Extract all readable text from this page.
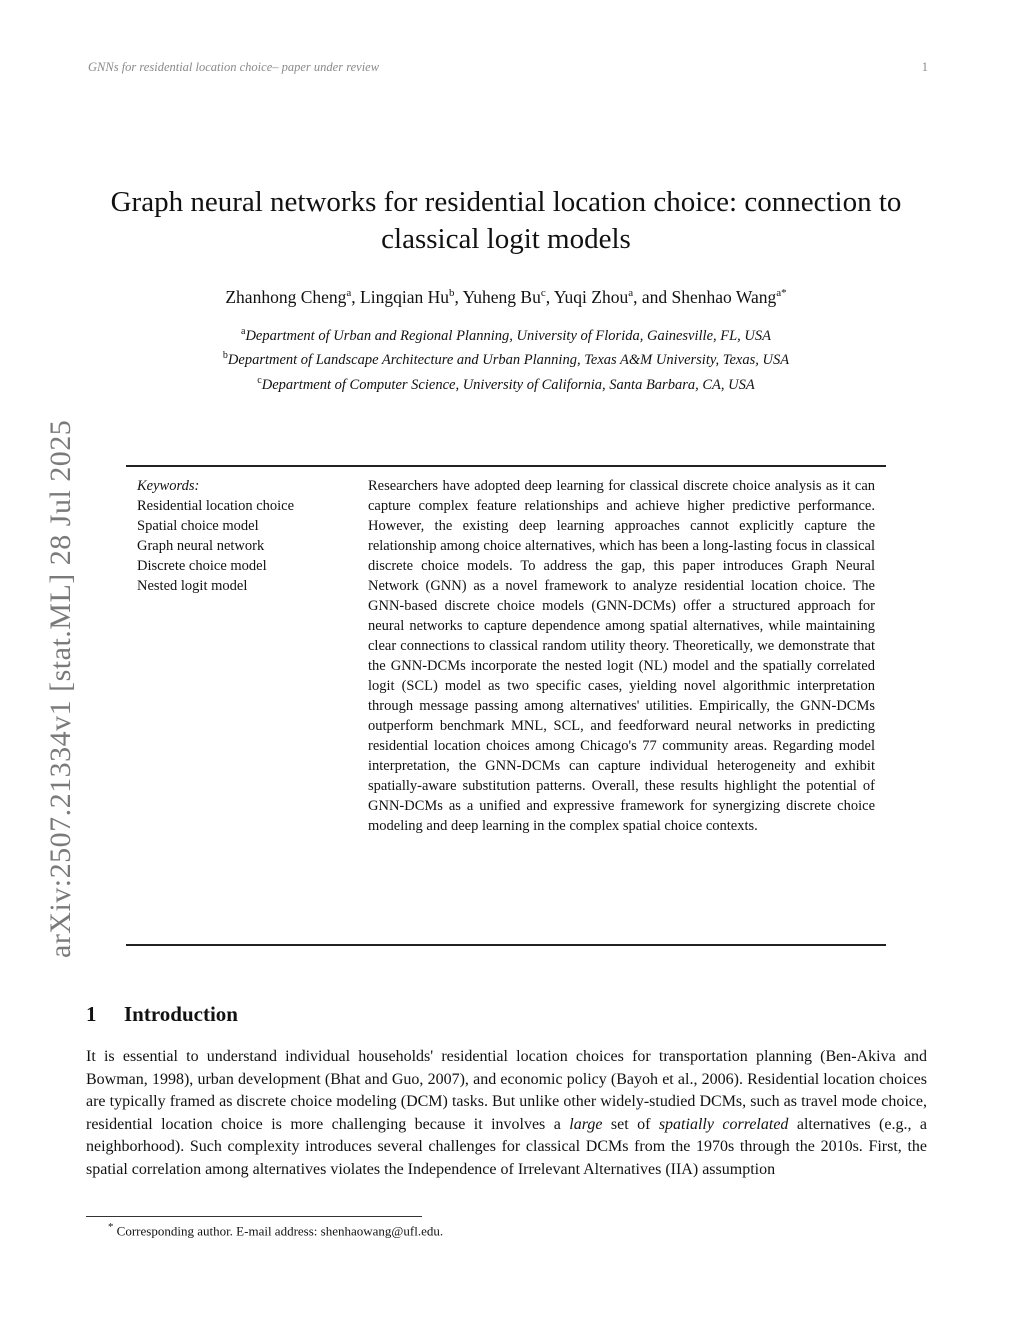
GNNs for residential location choice– paper under review	1
arXiv:2507.21334v1 [stat.ML] 28 Jul 2025
Graph neural networks for residential location choice: connection to classical logit models
Zhanhong Cheng$^a$, Lingqian Hu$^b$, Yuheng Bu$^c$, Yuqi Zhou$^a$, and Shenhao Wang$^{a*}$
$^a$Department of Urban and Regional Planning, University of Florida, Gainesville, FL, USA
$^b$Department of Landscape Architecture and Urban Planning, Texas A&M University, Texas, USA
$^c$Department of Computer Science, University of California, Santa Barbara, CA, USA
Keywords:
Residential location choice
Spatial choice model
Graph neural network
Discrete choice model
Nested logit model
Researchers have adopted deep learning for classical discrete choice analysis as it can capture complex feature relationships and achieve higher predictive performance. However, the existing deep learning approaches cannot explicitly capture the relationship among choice alternatives, which has been a long-lasting focus in classical discrete choice models. To address the gap, this paper introduces Graph Neural Network (GNN) as a novel framework to analyze residential location choice. The GNN-based discrete choice models (GNN-DCMs) offer a structured approach for neural networks to capture dependence among spatial alternatives, while maintaining clear connections to classical random utility theory. Theoretically, we demonstrate that the GNN-DCMs incorporate the nested logit (NL) model and the spatially correlated logit (SCL) model as two specific cases, yielding novel algorithmic interpretation through message passing among alternatives' utilities. Empirically, the GNN-DCMs outperform benchmark MNL, SCL, and feedforward neural networks in predicting residential location choices among Chicago's 77 community areas. Regarding model interpretation, the GNN-DCMs can capture individual heterogeneity and exhibit spatially-aware substitution patterns. Overall, these results highlight the potential of GNN-DCMs as a unified and expressive framework for synergizing discrete choice modeling and deep learning in the complex spatial choice contexts.
1 Introduction
It is essential to understand individual households' residential location choices for transportation planning (Ben-Akiva and Bowman, 1998), urban development (Bhat and Guo, 2007), and economic policy (Bayoh et al., 2006). Residential location choices are typically framed as discrete choice modeling (DCM) tasks. But unlike other widely-studied DCMs, such as travel mode choice, residential location choice is more challenging because it involves a large set of spatially correlated alternatives (e.g., a neighborhood). Such complexity introduces several challenges for classical DCMs from the 1970s through the 2010s. First, the spatial correlation among alternatives violates the Independence of Irrelevant Alternatives (IIA) assumption
* Corresponding author. E-mail address: shenhaowang@ufl.edu.
